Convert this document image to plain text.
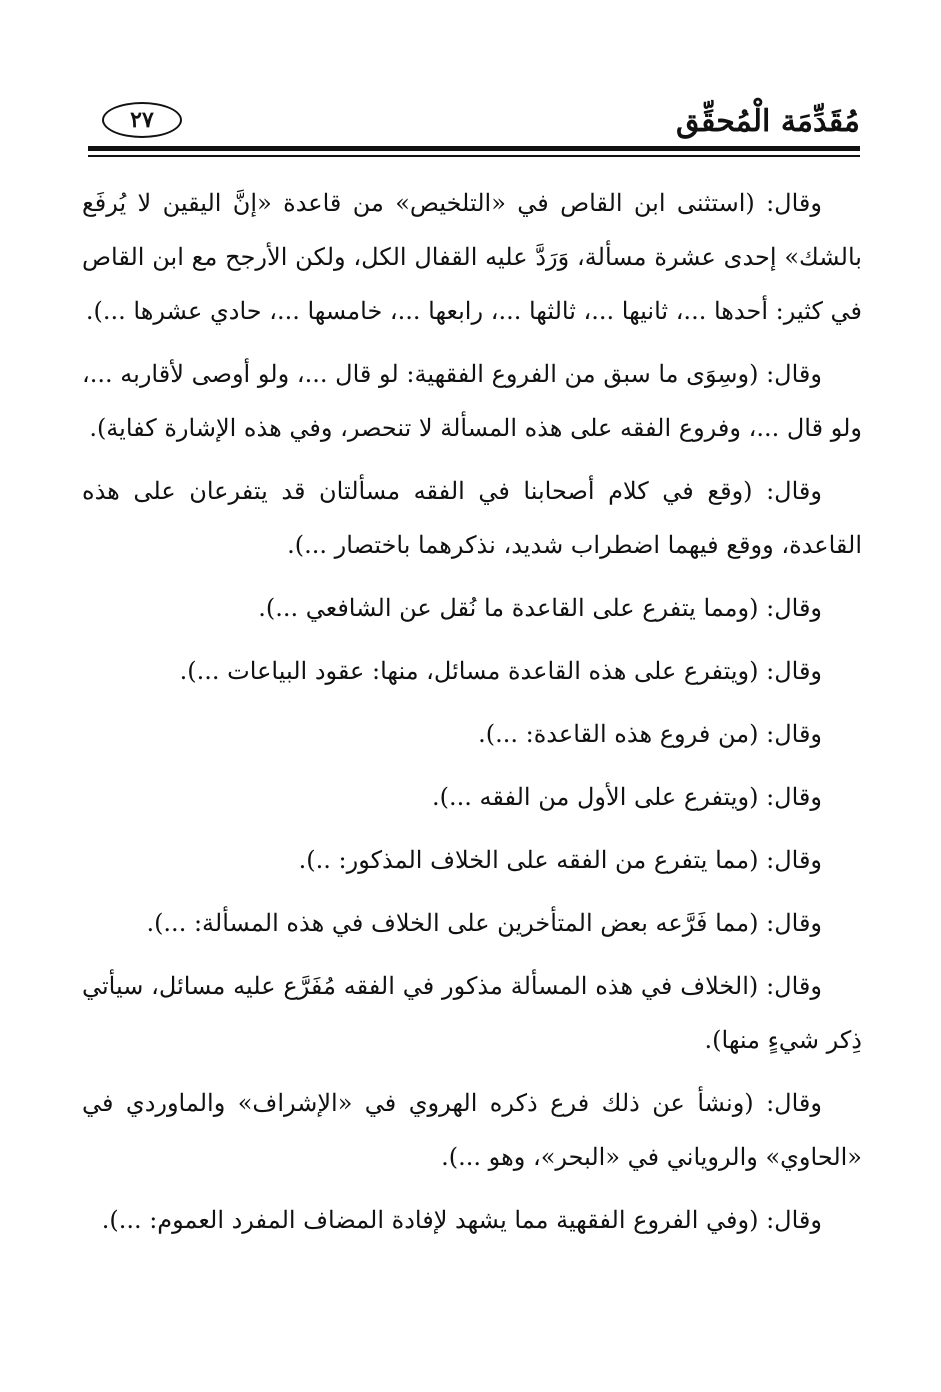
مُقَدِّمَة الْمُحقِّق
٢٧

وقال: (استثنى ابن القاص في «التلخيص» من قاعدة «إنَّ اليقين لا يُرفَع بالشك» إحدى عشرة مسألة، وَرَدَّ عليه القفال الكل، ولكن الأرجح مع ابن القاص في كثير: أحدها ...، ثانيها ...، ثالثها ...، رابعها ...، خامسها ...، حادي عشرها ...).

وقال: (وسِوَى ما سبق من الفروع الفقهية: لو قال ...، ولو أوصى لأقاربه ...، ولو قال ...، وفروع الفقه على هذه المسألة لا تنحصر، وفي هذه الإشارة كفاية).

وقال: (وقع في كلام أصحابنا في الفقه مسألتان قد يتفرعان على هذه القاعدة، ووقع فيهما اضطراب شديد، نذكرهما باختصار ...).

وقال: (ومما يتفرع على القاعدة ما نُقل عن الشافعي ...).

وقال: (ويتفرع على هذه القاعدة مسائل، منها: عقود البياعات ...).

وقال: (من فروع هذه القاعدة: ...).

وقال: (ويتفرع على الأول من الفقه ...).

وقال: (مما يتفرع من الفقه على الخلاف المذكور: ..).

وقال: (مما فَرَّعه بعض المتأخرين على الخلاف في هذه المسألة: ...).

وقال: (الخلاف في هذه المسألة مذكور في الفقه مُفَرَّع عليه مسائل، سيأتي ذِكر شيءٍ منها).

وقال: (ونشأ عن ذلك فرع ذكره الهروي في «الإشراف» والماوردي في «الحاوي» والروياني في «البحر»، وهو ...).

وقال: (وفي الفروع الفقهية مما يشهد لإفادة المضاف المفرد العموم: ...).
